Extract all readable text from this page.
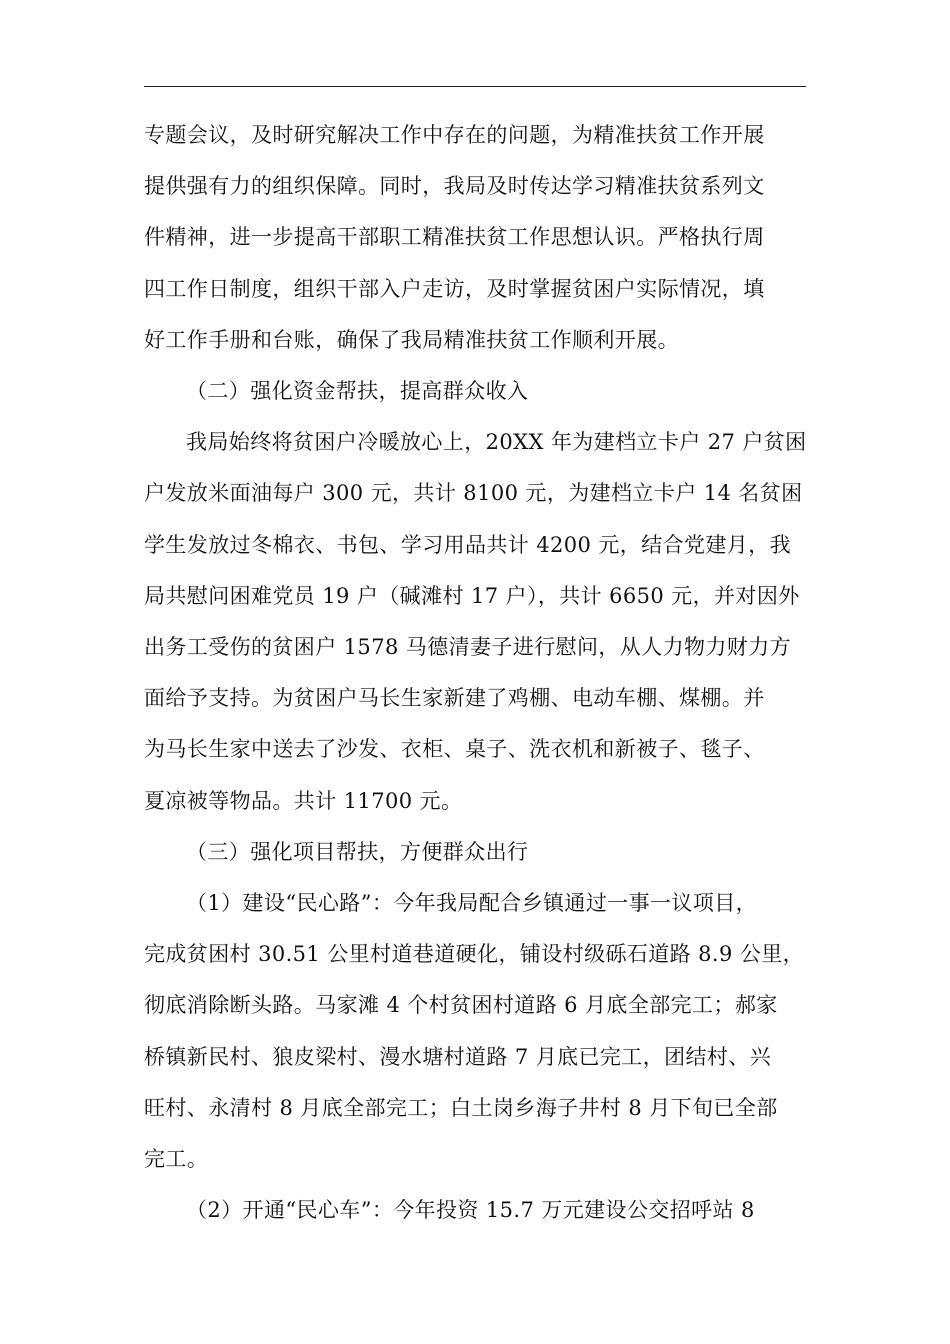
专题会议，及时研究解决工作中存在的问题，为精准扶贫工作开展

提供强有力的组织保障。同时，我局及时传达学习精准扶贫系列文

件精神，进一步提高干部职工精准扶贫工作思想认识。严格执行周

四工作日制度，组织干部入户走访，及时掌握贫困户实际情况，填

好工作手册和台账，确保了我局精准扶贫工作顺利开展。

（二）强化资金帮扶，提高群众收入

我局始终将贫困户冷暖放心上，20XX 年为建档立卡户 27 户贫困

户发放米面油每户 300 元，共计 8100 元，为建档立卡户 14 名贫困

学生发放过冬棉衣、书包、学习用品共计 4200 元，结合党建月，我

局共慰问困难党员 19 户（碱滩村 17 户），共计 6650 元，并对因外

出务工受伤的贫困户 1578 马德清妻子进行慰问，从人力物力财力方

面给予支持。为贫困户马长生家新建了鸡棚、电动车棚、煤棚。并

为马长生家中送去了沙发、衣柜、桌子、洗衣机和新被子、毯子、

夏凉被等物品。共计 11700 元。

（三）强化项目帮扶，方便群众出行

（1）建设“民心路”：今年我局配合乡镇通过一事一议项目，

完成贫困村 30.51 公里村道巷道硬化，铺设村级砾石道路 8.9 公里，

彻底消除断头路。马家滩 4 个村贫困村道路 6 月底全部完工；郝家

桥镇新民村、狼皮梁村、漫水塘村道路 7 月底已完工，团结村、兴

旺村、永清村 8 月底全部完工；白土岗乡海子井村 8 月下旬已全部

完工。

（2）开通“民心车”：今年投资 15.7 万元建设公交招呼站 8
